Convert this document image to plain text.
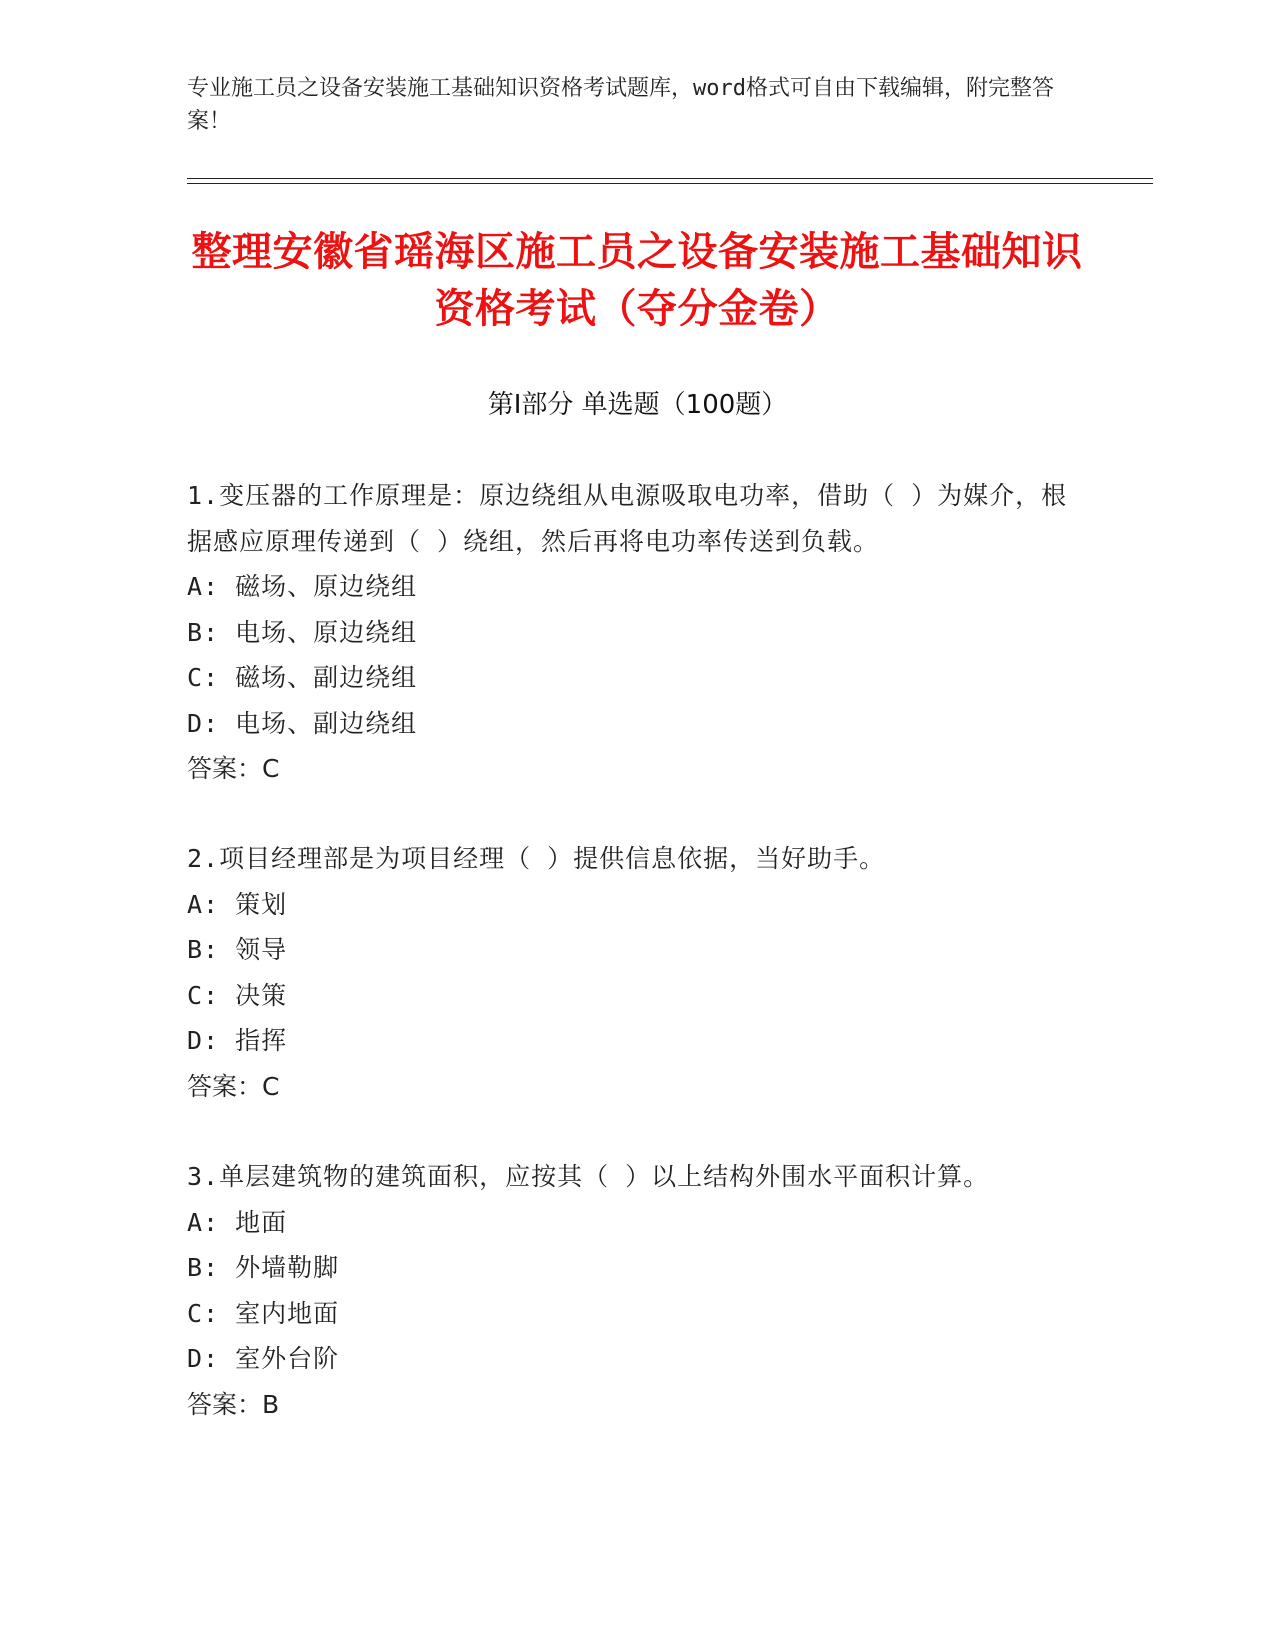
专业施工员之设备安装施工基础知识资格考试题库，word格式可自由下载编辑，附完整答案！
整理安徽省瑶海区施工员之设备安装施工基础知识资格考试（夺分金卷）
第Ⅰ部分 单选题（100题）
1.变压器的工作原理是：原边绕组从电源吸取电功率，借助（ ）为媒介，根据感应原理传递到（ ）绕组，然后再将电功率传送到负载。
A: 磁场、原边绕组
B: 电场、原边绕组
C: 磁场、副边绕组
D: 电场、副边绕组
答案：C
2.项目经理部是为项目经理（ ）提供信息依据，当好助手。
A: 策划
B: 领导
C: 决策
D: 指挥
答案：C
3.单层建筑物的建筑面积，应按其（ ）以上结构外围水平面积计算。
A: 地面
B: 外墙勒脚
C: 室内地面
D: 室外台阶
答案：B
